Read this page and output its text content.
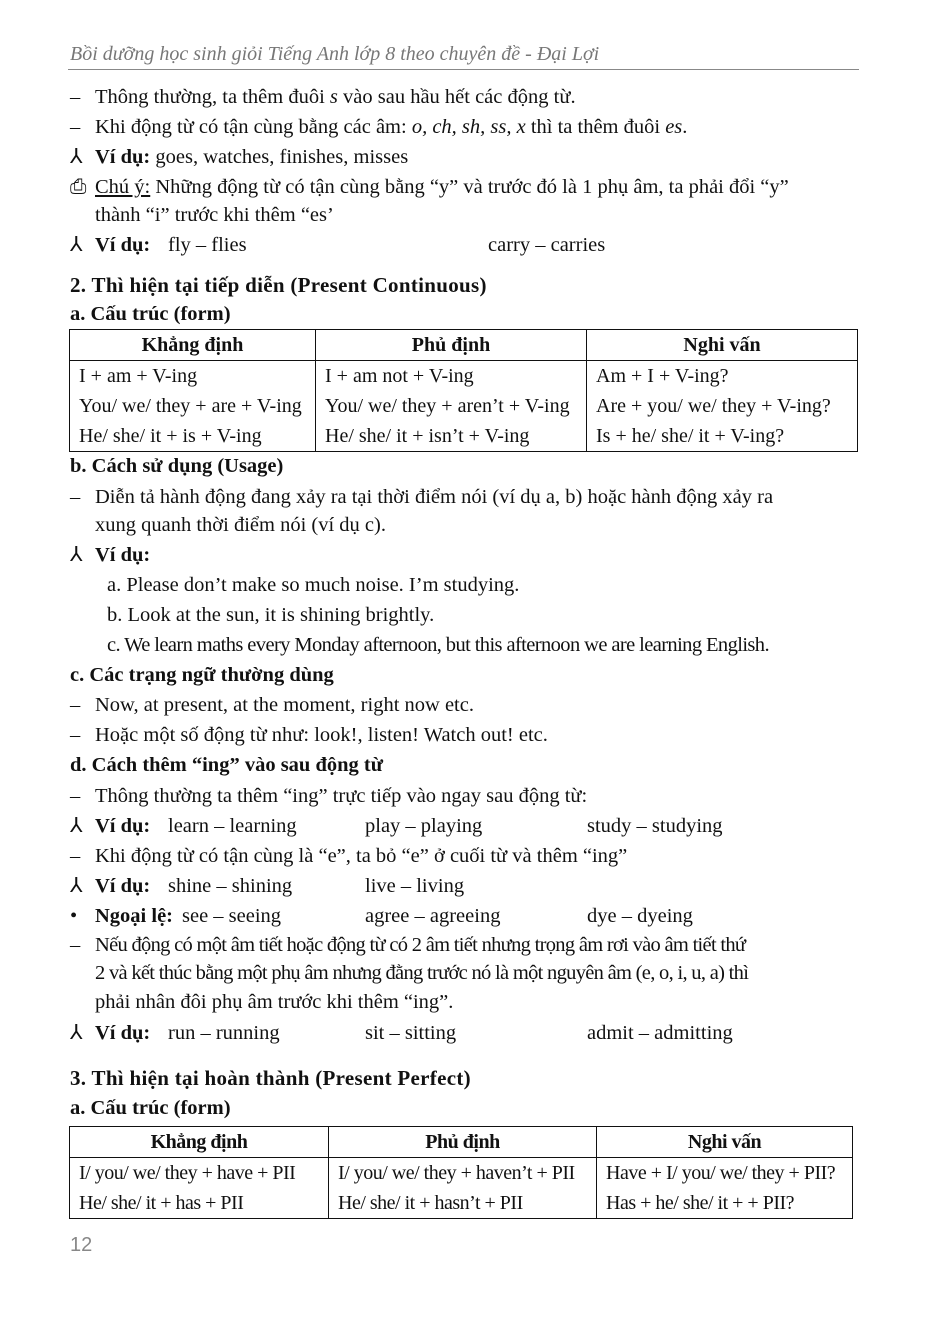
Bồi dưỡng học sinh giỏi Tiếng Anh lớp 8 theo chuyên đề - Đại Lợi
– Thông thường, ta thêm đuôi s vào sau hầu hết các động từ.
– Khi động từ có tận cùng bằng các âm: o, ch, sh, ss, x thì ta thêm đuôi es.
⅄ Ví dụ: goes, watches, finishes, misses
⎙ Chú ý: Những động từ có tận cùng bằng “y” và trước đó là 1 phụ âm, ta phải đổi “y”
thành “i” trước khi thêm “es’
⅄ Ví dụ: fly – flies	carry – carries
2. Thì hiện tại tiếp diễn (Present Continuous)
a. Cấu trúc (form)
Khẳng định	Phủ định	Nghi vấn
I + am + V-ing	I + am not + V-ing	Am + I + V-ing?
You/ we/ they + are + V-ing	You/ we/ they + aren’t + V-ing	Are + you/ we/ they + V-ing?
He/ she/ it + is + V-ing	He/ she/ it + isn’t + V-ing	Is + he/ she/ it + V-ing?
b. Cách sử dụng (Usage)
– Diễn tả hành động đang xảy ra tại thời điểm nói (ví dụ a, b) hoặc hành động xảy ra
xung quanh thời điểm nói (ví dụ c).
⅄ Ví dụ:
a. Please don’t make so much noise. I’m studying.
b. Look at the sun, it is shining brightly.
c. We learn maths every Monday afternoon, but this afternoon we are learning English.
c. Các trạng ngữ thường dùng
– Now, at present, at the moment, right now etc.
– Hoặc một số động từ như: look!, listen! Watch out! etc.
d. Cách thêm “ing” vào sau động từ
– Thông thường ta thêm “ing” trực tiếp vào ngay sau động từ:
⅄ Ví dụ: learn – learning	play – playing	study – studying
– Khi động từ có tận cùng là “e”, ta bỏ “e” ở cuối từ và thêm “ing”
⅄ Ví dụ: shine – shining	live – living
• Ngoại lệ: see – seeing	agree – agreeing	dye – dyeing
– Nếu động có một âm tiết hoặc động từ có 2 âm tiết nhưng trọng âm rơi vào âm tiết thứ
2 và kết thúc bằng một phụ âm nhưng đằng trước nó là một nguyên âm (e, o, i, u, a) thì
phải nhân đôi phụ âm trước khi thêm “ing”.
⅄ Ví dụ: run – running	sit – sitting	admit – admitting
3. Thì hiện tại hoàn thành (Present Perfect)
a. Cấu trúc (form)
Khẳng định	Phủ định	Nghi vấn
I/ you/ we/ they + have + PII	I/ you/ we/ they + haven’t + PII	Have + I/ you/ we/ they + PII?
He/ she/ it + has + PII	He/ she/ it + hasn’t + PII	Has + he/ she/ it + + PII?
12
